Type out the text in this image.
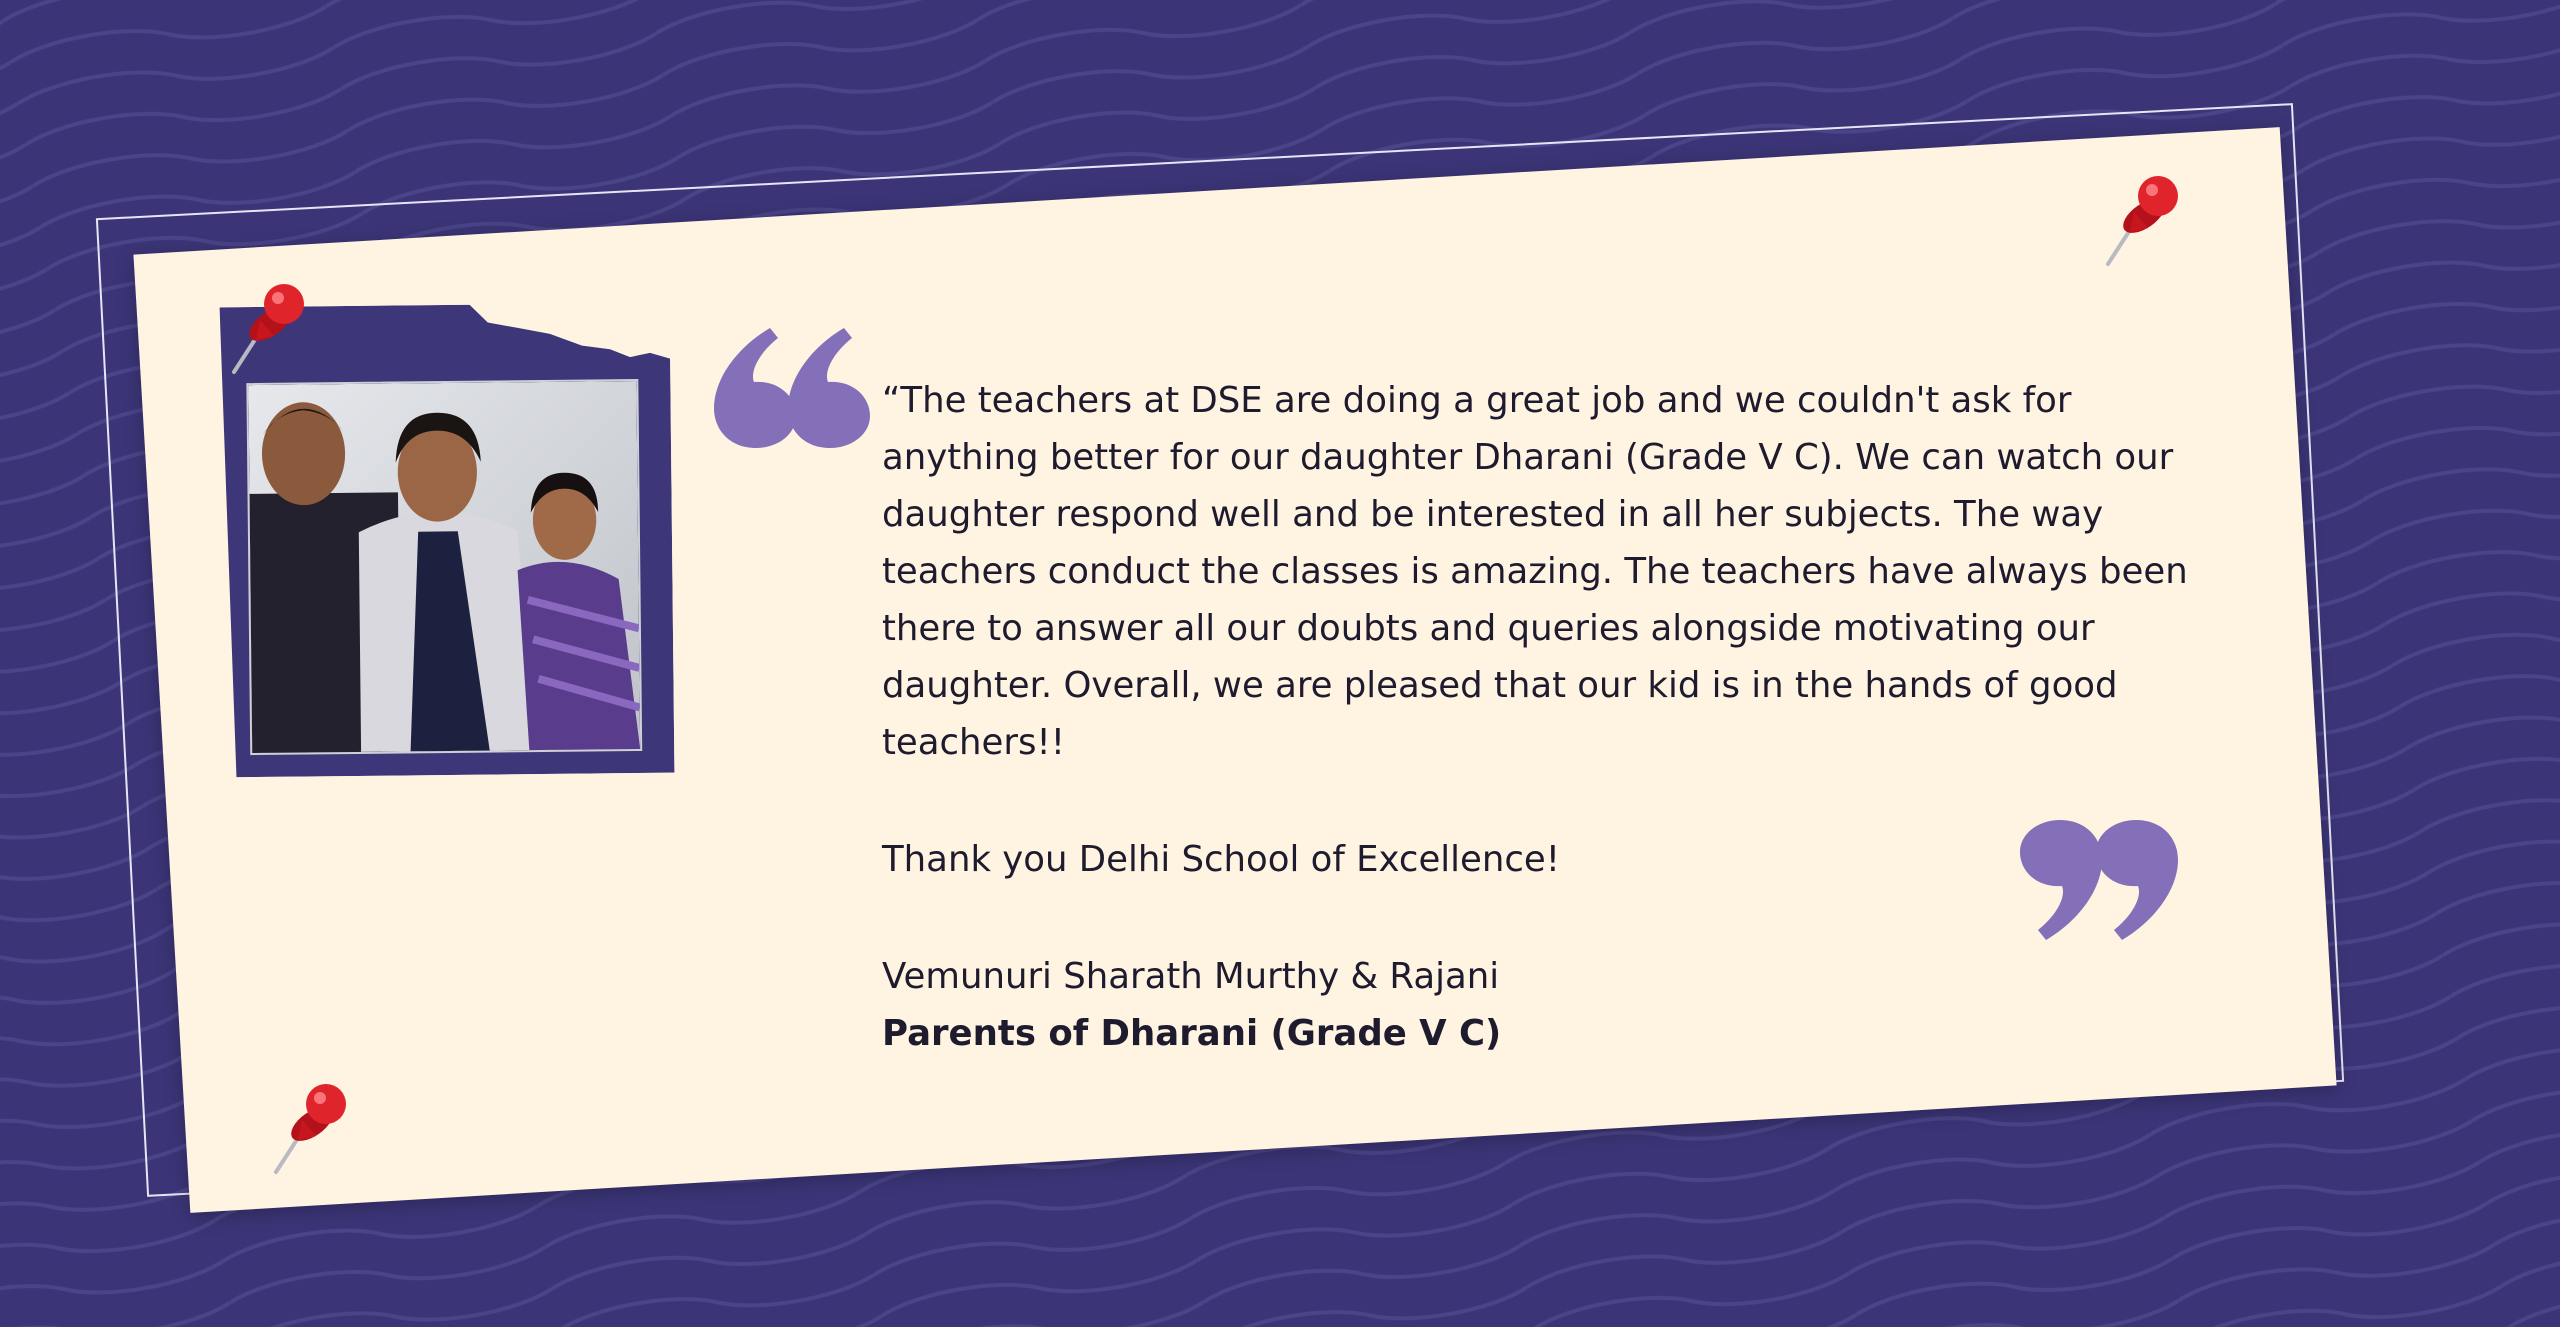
“The teachers at DSE are doing a great job and we couldn't ask for anything better for our daughter Dharani (Grade V C). We can watch our daughter respond well and be interested in all her subjects. The way teachers conduct the classes is amazing. The teachers have always been there to answer all our doubts and queries alongside motivating our daughter. Overall, we are pleased that our kid is in the hands of good teachers!!

Thank you Delhi School of Excellence!

Vemunuri Sharath Murthy & Rajani

Parents of Dharani (Grade V C)
